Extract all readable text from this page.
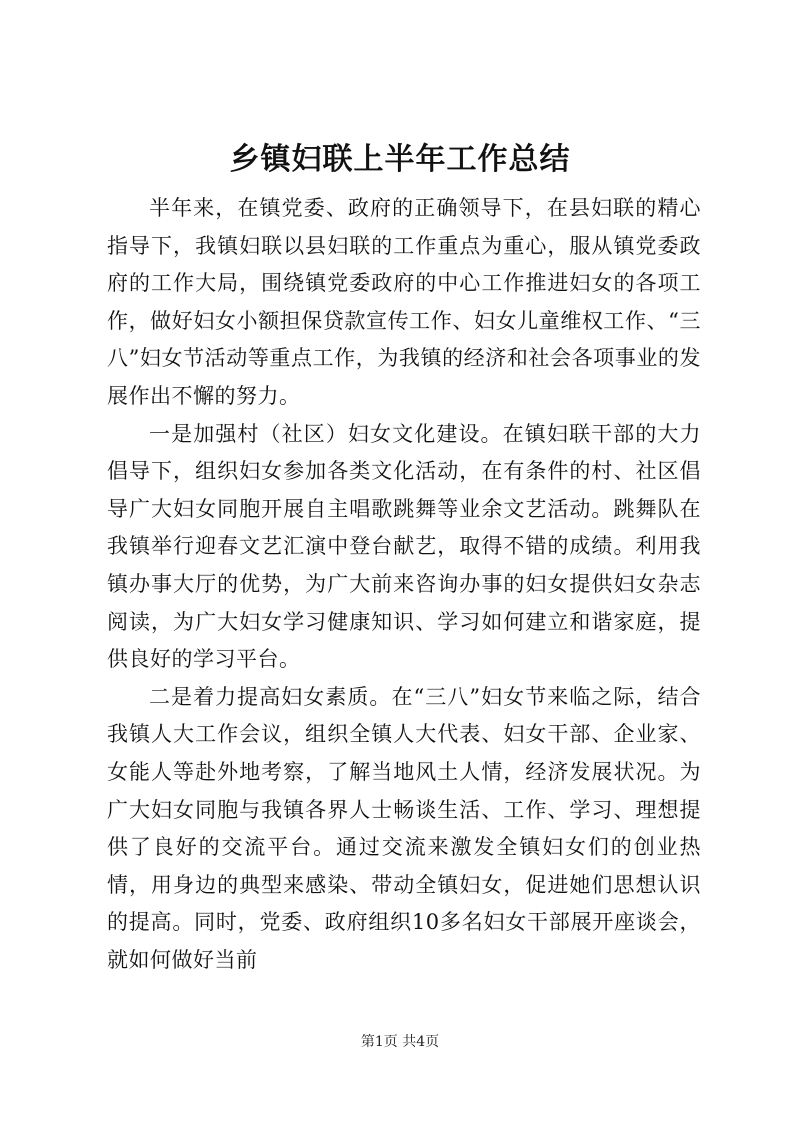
乡镇妇联上半年工作总结

半年来，在镇党委、政府的正确领导下，在县妇联的精心指导下，我镇妇联以县妇联的工作重点为重心，服从镇党委政府的工作大局，围绕镇党委政府的中心工作推进妇女的各项工作，做好妇女小额担保贷款宣传工作、妇女儿童维权工作、“三八”妇女节活动等重点工作，为我镇的经济和社会各项事业的发展作出不懈的努力。

一是加强村（社区）妇女文化建设。在镇妇联干部的大力倡导下，组织妇女参加各类文化活动，在有条件的村、社区倡导广大妇女同胞开展自主唱歌跳舞等业余文艺活动。跳舞队在我镇举行迎春文艺汇演中登台献艺，取得不错的成绩。利用我镇办事大厅的优势，为广大前来咨询办事的妇女提供妇女杂志阅读，为广大妇女学习健康知识、学习如何建立和谐家庭，提供良好的学习平台。

二是着力提高妇女素质。在“三八”妇女节来临之际，结合我镇人大工作会议，组织全镇人大代表、妇女干部、企业家、女能人等赴外地考察，了解当地风土人情，经济发展状况。为广大妇女同胞与我镇各界人士畅谈生活、工作、学习、理想提供了良好的交流平台。通过交流来激发全镇妇女们的创业热情，用身边的典型来感染、带动全镇妇女，促进她们思想认识的提高。同时，党委、政府组织10多名妇女干部展开座谈会，就如何做好当前

第1页 共4页
